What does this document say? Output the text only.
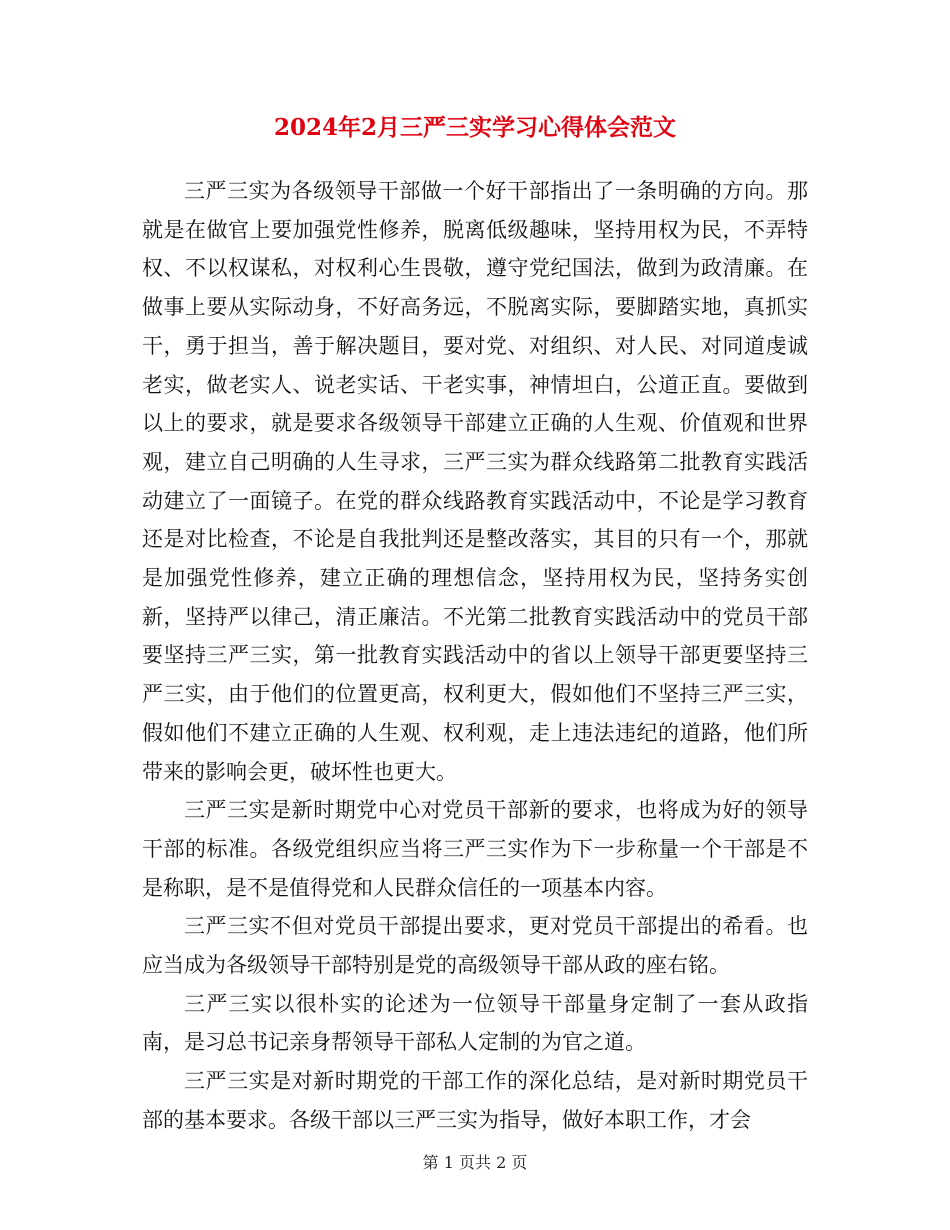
2024年2月三严三实学习心得体会范文

三严三实为各级领导干部做一个好干部指出了一条明确的方向。那就是在做官上要加强党性修养，脱离低级趣味，坚持用权为民，不弄特权、不以权谋私，对权利心生畏敬，遵守党纪国法，做到为政清廉。在做事上要从实际动身，不好高务远，不脱离实际，要脚踏实地，真抓实干，勇于担当，善于解决题目，要对党、对组织、对人民、对同道虔诚老实，做老实人、说老实话、干老实事，神情坦白，公道正直。要做到以上的要求，就是要求各级领导干部建立正确的人生观、价值观和世界观，建立自己明确的人生寻求，三严三实为群众线路第二批教育实践活动建立了一面镜子。在党的群众线路教育实践活动中，不论是学习教育还是对比检查，不论是自我批判还是整改落实，其目的只有一个，那就是加强党性修养，建立正确的理想信念，坚持用权为民，坚持务实创新，坚持严以律己，清正廉洁。不光第二批教育实践活动中的党员干部要坚持三严三实，第一批教育实践活动中的省以上领导干部更要坚持三严三实，由于他们的位置更高，权利更大，假如他们不坚持三严三实，假如他们不建立正确的人生观、权利观，走上违法违纪的道路，他们所带来的影响会更，破坏性也更大。

三严三实是新时期党中心对党员干部新的要求，也将成为好的领导干部的标准。各级党组织应当将三严三实作为下一步称量一个干部是不是称职，是不是值得党和人民群众信任的一项基本内容。

三严三实不但对党员干部提出要求，更对党员干部提出的希看。也应当成为各级领导干部特别是党的高级领导干部从政的座右铭。

三严三实以很朴实的论述为一位领导干部量身定制了一套从政指南，是习总书记亲身帮领导干部私人定制的为官之道。

三严三实是对新时期党的干部工作的深化总结，是对新时期党员干部的基本要求。各级干部以三严三实为指导，做好本职工作，才会

第 1 页共 2 页
